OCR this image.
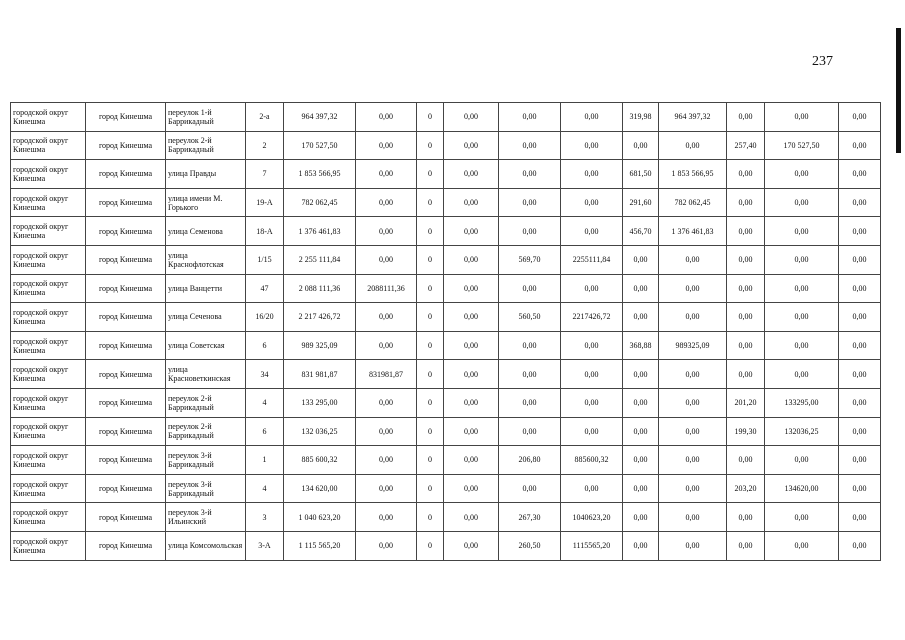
237
городской округ Кинешма	город Кинешма	переулок 1-й Баррикадный	2-а	964 397,32	0,00	0	0,00	0,00	0,00	319,98	964 397,32	0,00	0,00	0,00
городской округ Кинешма	город Кинешма	переулок 2-й Баррикадный	2	170 527,50	0,00	0	0,00	0,00	0,00	0,00	0,00	257,40	170 527,50	0,00
городской округ Кинешма	город Кинешма	улица Правды	7	1 853 566,95	0,00	0	0,00	0,00	0,00	681,50	1 853 566,95	0,00	0,00	0,00
городской округ Кинешма	город Кинешма	улица имени М. Горького	19-А	782 062,45	0,00	0	0,00	0,00	0,00	291,60	782 062,45	0,00	0,00	0,00
городской округ Кинешма	город Кинешма	улица Семенова	18-А	1 376 461,83	0,00	0	0,00	0,00	0,00	456,70	1 376 461,83	0,00	0,00	0,00
городской округ Кинешма	город Кинешма	улица Краснофлотская	1/15	2 255 111,84	0,00	0	0,00	569,70	2255111,84	0,00	0,00	0,00	0,00	0,00
городской округ Кинешма	город Кинешма	улица Ванцетти	47	2 088 111,36	2088111,36	0	0,00	0,00	0,00	0,00	0,00	0,00	0,00	0,00
городской округ Кинешма	город Кинешма	улица Сеченова	16/20	2 217 426,72	0,00	0	0,00	560,50	2217426,72	0,00	0,00	0,00	0,00	0,00
городской округ Кинешма	город Кинешма	улица Советская	6	989 325,09	0,00	0	0,00	0,00	0,00	368,88	989325,09	0,00	0,00	0,00
городской округ Кинешма	город Кинешма	улица Красноветкинская	34	831 981,87	831981,87	0	0,00	0,00	0,00	0,00	0,00	0,00	0,00	0,00
городской округ Кинешма	город Кинешма	переулок 2-й Баррикадный	4	133 295,00	0,00	0	0,00	0,00	0,00	0,00	0,00	201,20	133295,00	0,00
городской округ Кинешма	город Кинешма	переулок 2-й Баррикадный	6	132 036,25	0,00	0	0,00	0,00	0,00	0,00	0,00	199,30	132036,25	0,00
городской округ Кинешма	город Кинешма	переулок 3-й Баррикадный	1	885 600,32	0,00	0	0,00	206,80	885600,32	0,00	0,00	0,00	0,00	0,00
городской округ Кинешма	город Кинешма	переулок 3-й Баррикадный	4	134 620,00	0,00	0	0,00	0,00	0,00	0,00	0,00	203,20	134620,00	0,00
городской округ Кинешма	город Кинешма	переулок 3-й Ильинский	3	1 040 623,20	0,00	0	0,00	267,30	1040623,20	0,00	0,00	0,00	0,00	0,00
городской округ Кинешма	город Кинешма	улица Комсомольская	3-А	1 115 565,20	0,00	0	0,00	260,50	1115565,20	0,00	0,00	0,00	0,00	0,00
